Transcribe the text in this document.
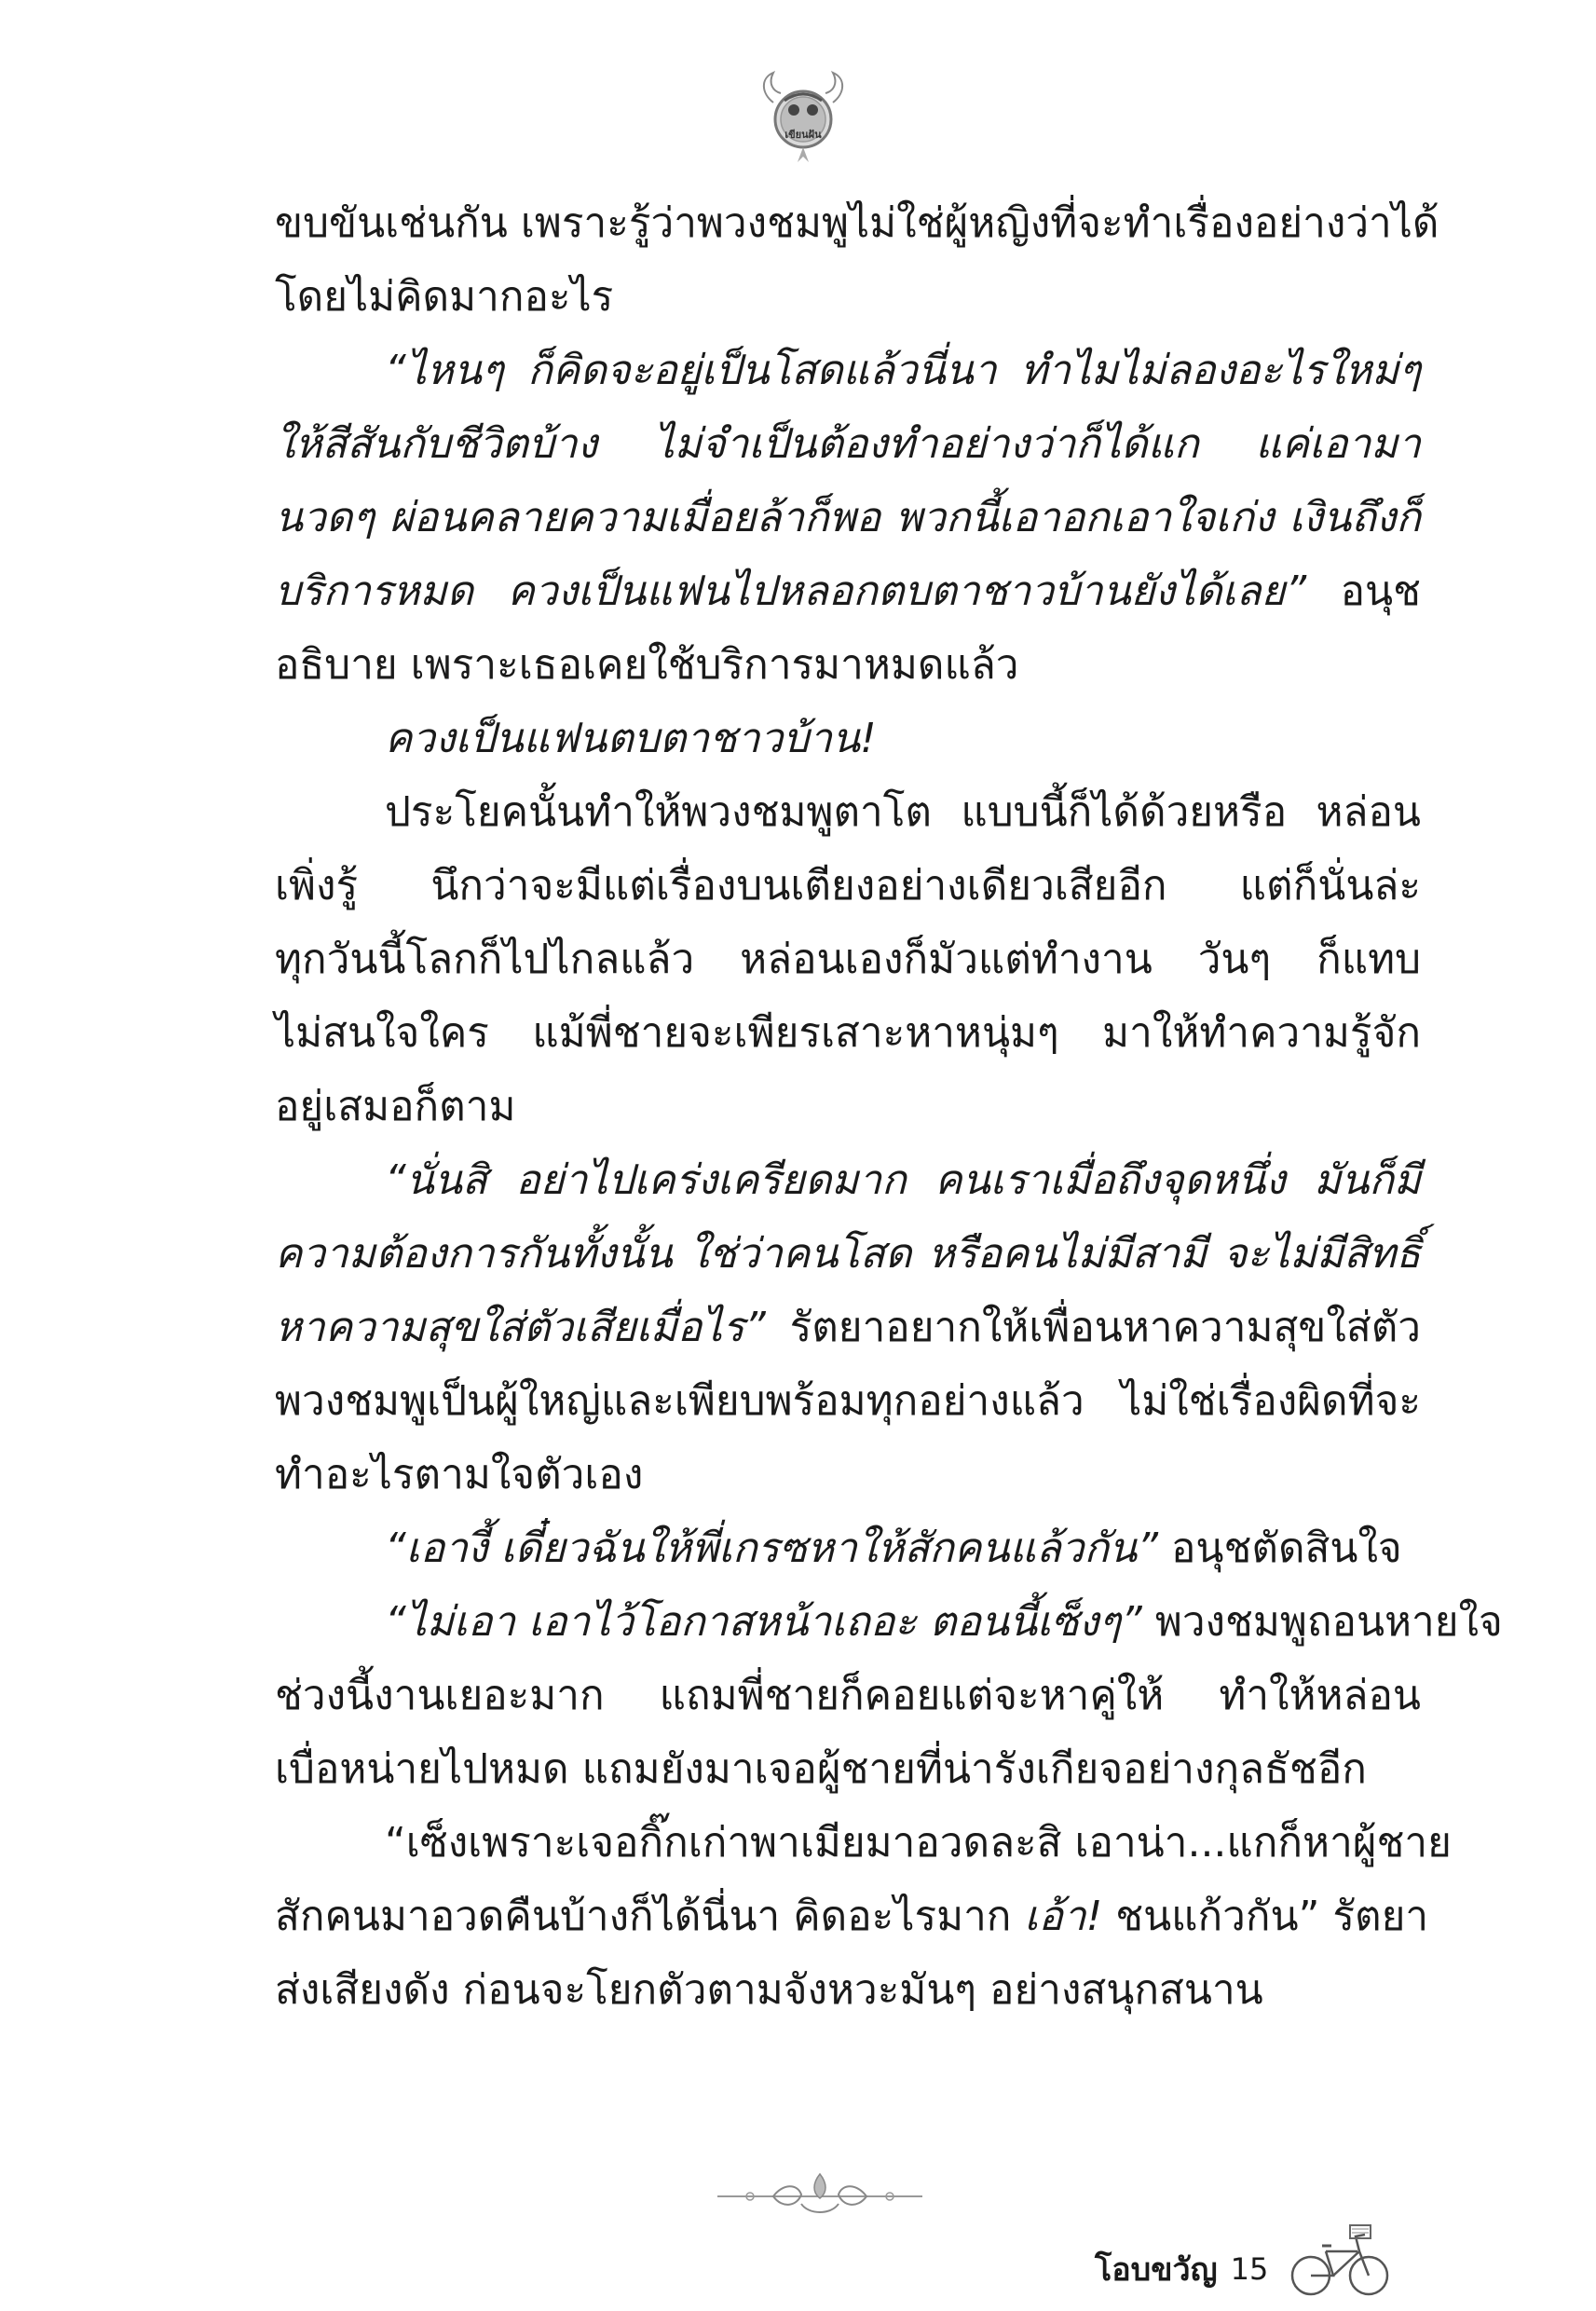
เขียนฝัน
ขบขันเช่นกัน เพราะรู้ว่าพวงชมพูไม่ใช่ผู้หญิงที่จะทำเรื่องอย่างว่าได้
โดยไม่คิดมากอะไร
“ไหนๆ ก็คิดจะอยู่เป็นโสดแล้วนี่นา ทำไมไม่ลองอะไรใหม่ๆ
ให้สีสันกับชีวิตบ้าง ไม่จำเป็นต้องทำอย่างว่าก็ได้แก แค่เอามา
นวดๆ ผ่อนคลายความเมื่อยล้าก็พอ พวกนี้เอาอกเอาใจเก่ง เงินถึงก็
บริการหมด ควงเป็นแฟนไปหลอกตบตาชาวบ้านยังได้เลย” อนุช
อธิบาย เพราะเธอเคยใช้บริการมาหมดแล้ว
ควงเป็นแฟนตบตาชาวบ้าน!
ประโยคนั้นทำให้พวงชมพูตาโต แบบนี้ก็ได้ด้วยหรือ หล่อน
เพิ่งรู้ นึกว่าจะมีแต่เรื่องบนเตียงอย่างเดียวเสียอีก แต่ก็นั่นล่ะ
ทุกวันนี้โลกก็ไปไกลแล้ว หล่อนเองก็มัวแต่ทำงาน วันๆ ก็แทบ
ไม่สนใจใคร แม้พี่ชายจะเพียรเสาะหาหนุ่มๆ มาให้ทำความรู้จัก
อยู่เสมอก็ตาม
“นั่นสิ อย่าไปเคร่งเครียดมาก คนเราเมื่อถึงจุดหนึ่ง มันก็มี
ความต้องการกันทั้งนั้น ใช่ว่าคนโสด หรือคนไม่มีสามี จะไม่มีสิทธิ์
หาความสุขใส่ตัวเสียเมื่อไร” รัตยาอยากให้เพื่อนหาความสุขใส่ตัว
พวงชมพูเป็นผู้ใหญ่และเพียบพร้อมทุกอย่างแล้ว ไม่ใช่เรื่องผิดที่จะ
ทำอะไรตามใจตัวเอง
“เอางี้ เดี๋ยวฉันให้พี่เกรซหาให้สักคนแล้วกัน” อนุชตัดสินใจ
“ไม่เอา เอาไว้โอกาสหน้าเถอะ ตอนนี้เซ็งๆ” พวงชมพูถอนหายใจ
ช่วงนี้งานเยอะมาก แถมพี่ชายก็คอยแต่จะหาคู่ให้ ทำให้หล่อน
เบื่อหน่ายไปหมด แถมยังมาเจอผู้ชายที่น่ารังเกียจอย่างกุลธัชอีก
“เซ็งเพราะเจอกิ๊กเก่าพาเมียมาอวดละสิ เอาน่า...แกก็หาผู้ชาย
สักคนมาอวดคืนบ้างก็ได้นี่นา คิดอะไรมาก เอ้า! ชนแก้วกัน” รัตยา
ส่งเสียงดัง ก่อนจะโยกตัวตามจังหวะมันๆ อย่างสนุกสนาน
โอบขวัญ 15
